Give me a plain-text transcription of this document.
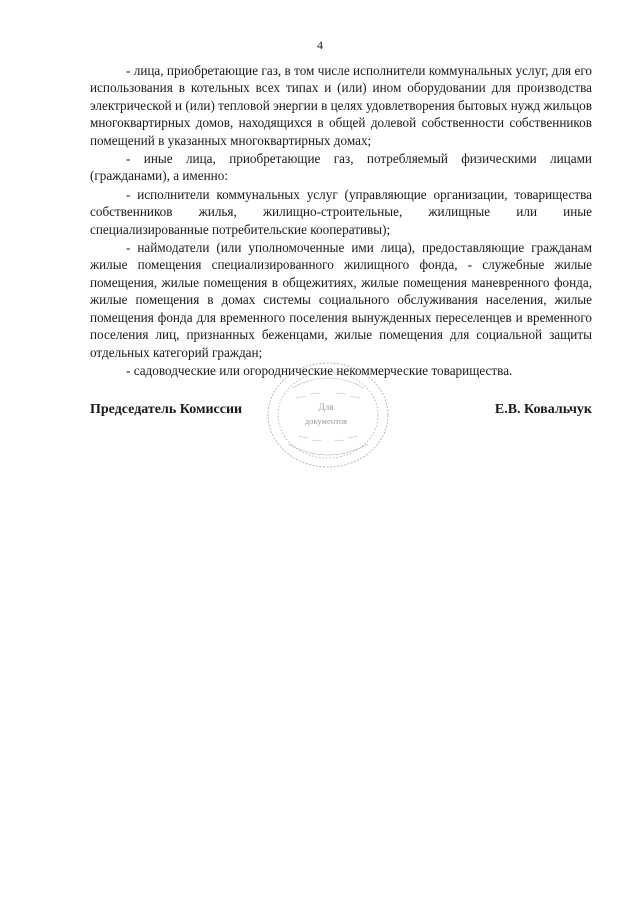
4

- лица, приобретающие газ, в том числе исполнители коммунальных услуг, для его использования в котельных всех типах и (или) ином оборудовании для производства электрической и (или) тепловой энергии в целях удовлетворения бытовых нужд жильцов многоквартирных домов, находящихся в общей долевой собственности собственников помещений в указанных многоквартирных домах;

- иные лица, приобретающие газ, потребляемый физическими лицами (гражданами), а именно:

- исполнители коммунальных услуг (управляющие организации, товарищества собственников жилья, жилищно-строительные, жилищные или иные специализированные потребительские кооперативы);

- наймодатели (или уполномоченные ими лица), предоставляющие гражданам жилые помещения специализированного жилищного фонда, - служебные жилые помещения, жилые помещения в общежитиях, жилые помещения маневренного фонда, жилые помещения в домах системы социального обслуживания населения, жилые помещения фонда для временного поселения вынужденных переселенцев и временного поселения лиц, признанных беженцами, жилые помещения для социальной защиты отдельных категорий граждан;

- садоводческие или огороднические некоммерческие товарищества.

Председатель Комиссии	Е.В. Ковальчук
Для
документов
